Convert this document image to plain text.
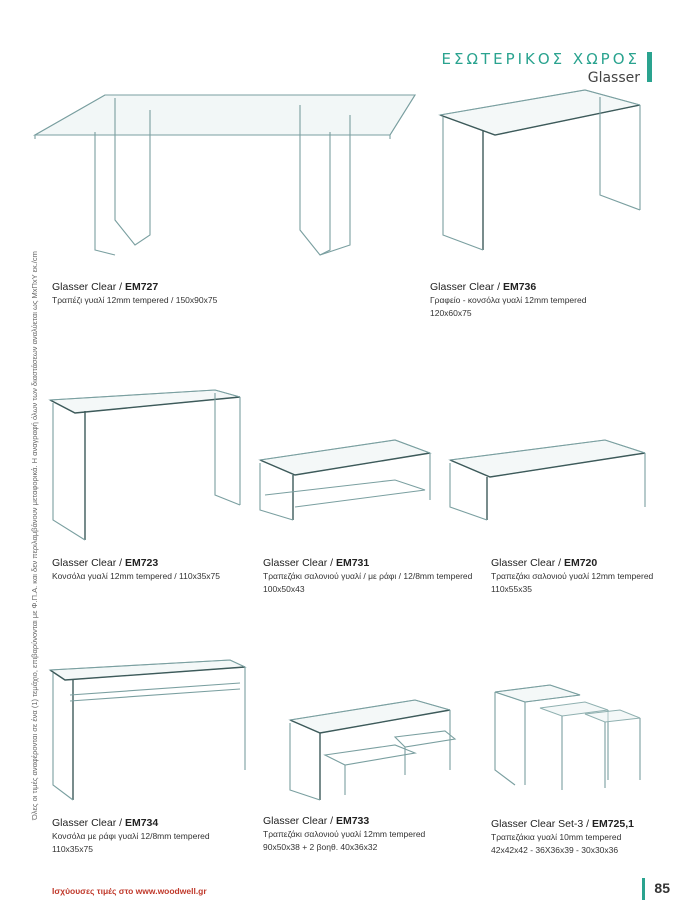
ΕΣΩΤΕΡΙΚΟΣ ΧΩΡΟΣ
Glasser
Όλες οι τιμές αναφέρονται σε ένα (1) τεμάχιο, επιβαρύνονται με Φ.Π.Α. και δεν περιλαμβάνουν μεταφορικά. Η αναγραφή όλων των διαστάσεων αναλύεται ως ΜxΠxΥ εκ./cm Glasser Clear / EM727
Τραπέζι γυαλί 12mm tempered / 150x90x75
Glasser Clear / EM736
Γραφείο - κονσόλα γυαλί 12mm tempered
120x60x75
Glasser Clear / EM723
Κονσόλα γυαλί 12mm tempered / 110x35x75
Glasser Clear / EM731
Τραπεζάκι σαλονιού γυαλί / με ράφι / 12/8mm tempered
100x50x43
Glasser Clear / EM720
Τραπεζάκι σαλονιού γυαλί 12mm tempered
110x55x35
Glasser Clear / EM734
Κονσόλα με ράφι γυαλί 12/8mm tempered
110x35x75
Glasser Clear / EM733
Τραπεζάκι σαλονιού γυαλί 12mm tempered
90x50x38 + 2 βοηθ. 40x36x32
Glasser Clear Set-3 / EM725,1
Τραπεζάκια γυαλί 10mm tempered
42x42x42 - 36X36x39 - 30x30x36
Ισχύουσες τιμές στο www.woodwell.gr	85
